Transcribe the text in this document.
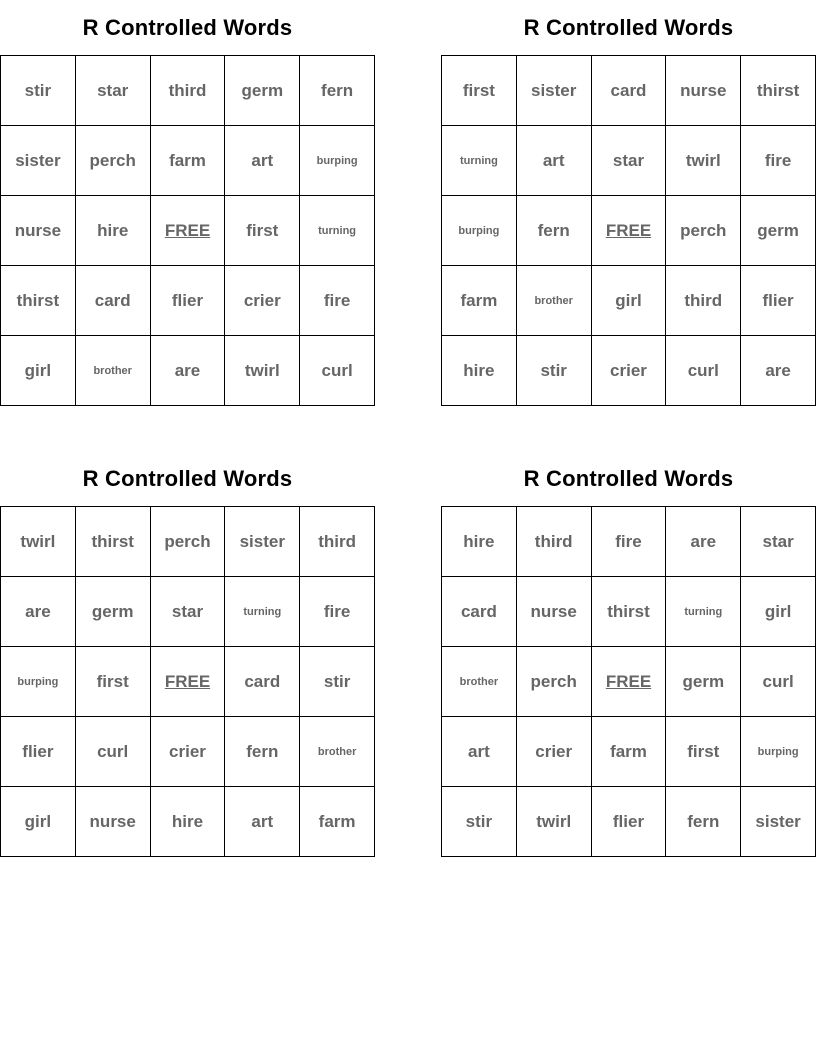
R Controlled Words
stir	star	third	germ	fern
sister	perch	farm	art	burping
nurse	hire	FREE	first	turning
thirst	card	flier	crier	fire
girl	brother	are	twirl	curl
R Controlled Words
first	sister	card	nurse	thirst
turning	art	star	twirl	fire
burping	fern	FREE	perch	germ
farm	brother	girl	third	flier
hire	stir	crier	curl	are
R Controlled Words
twirl	thirst	perch	sister	third
are	germ	star	turning	fire
burping	first	FREE	card	stir
flier	curl	crier	fern	brother
girl	nurse	hire	art	farm
R Controlled Words
hire	third	fire	are	star
card	nurse	thirst	turning	girl
brother	perch	FREE	germ	curl
art	crier	farm	first	burping
stir	twirl	flier	fern	sister
